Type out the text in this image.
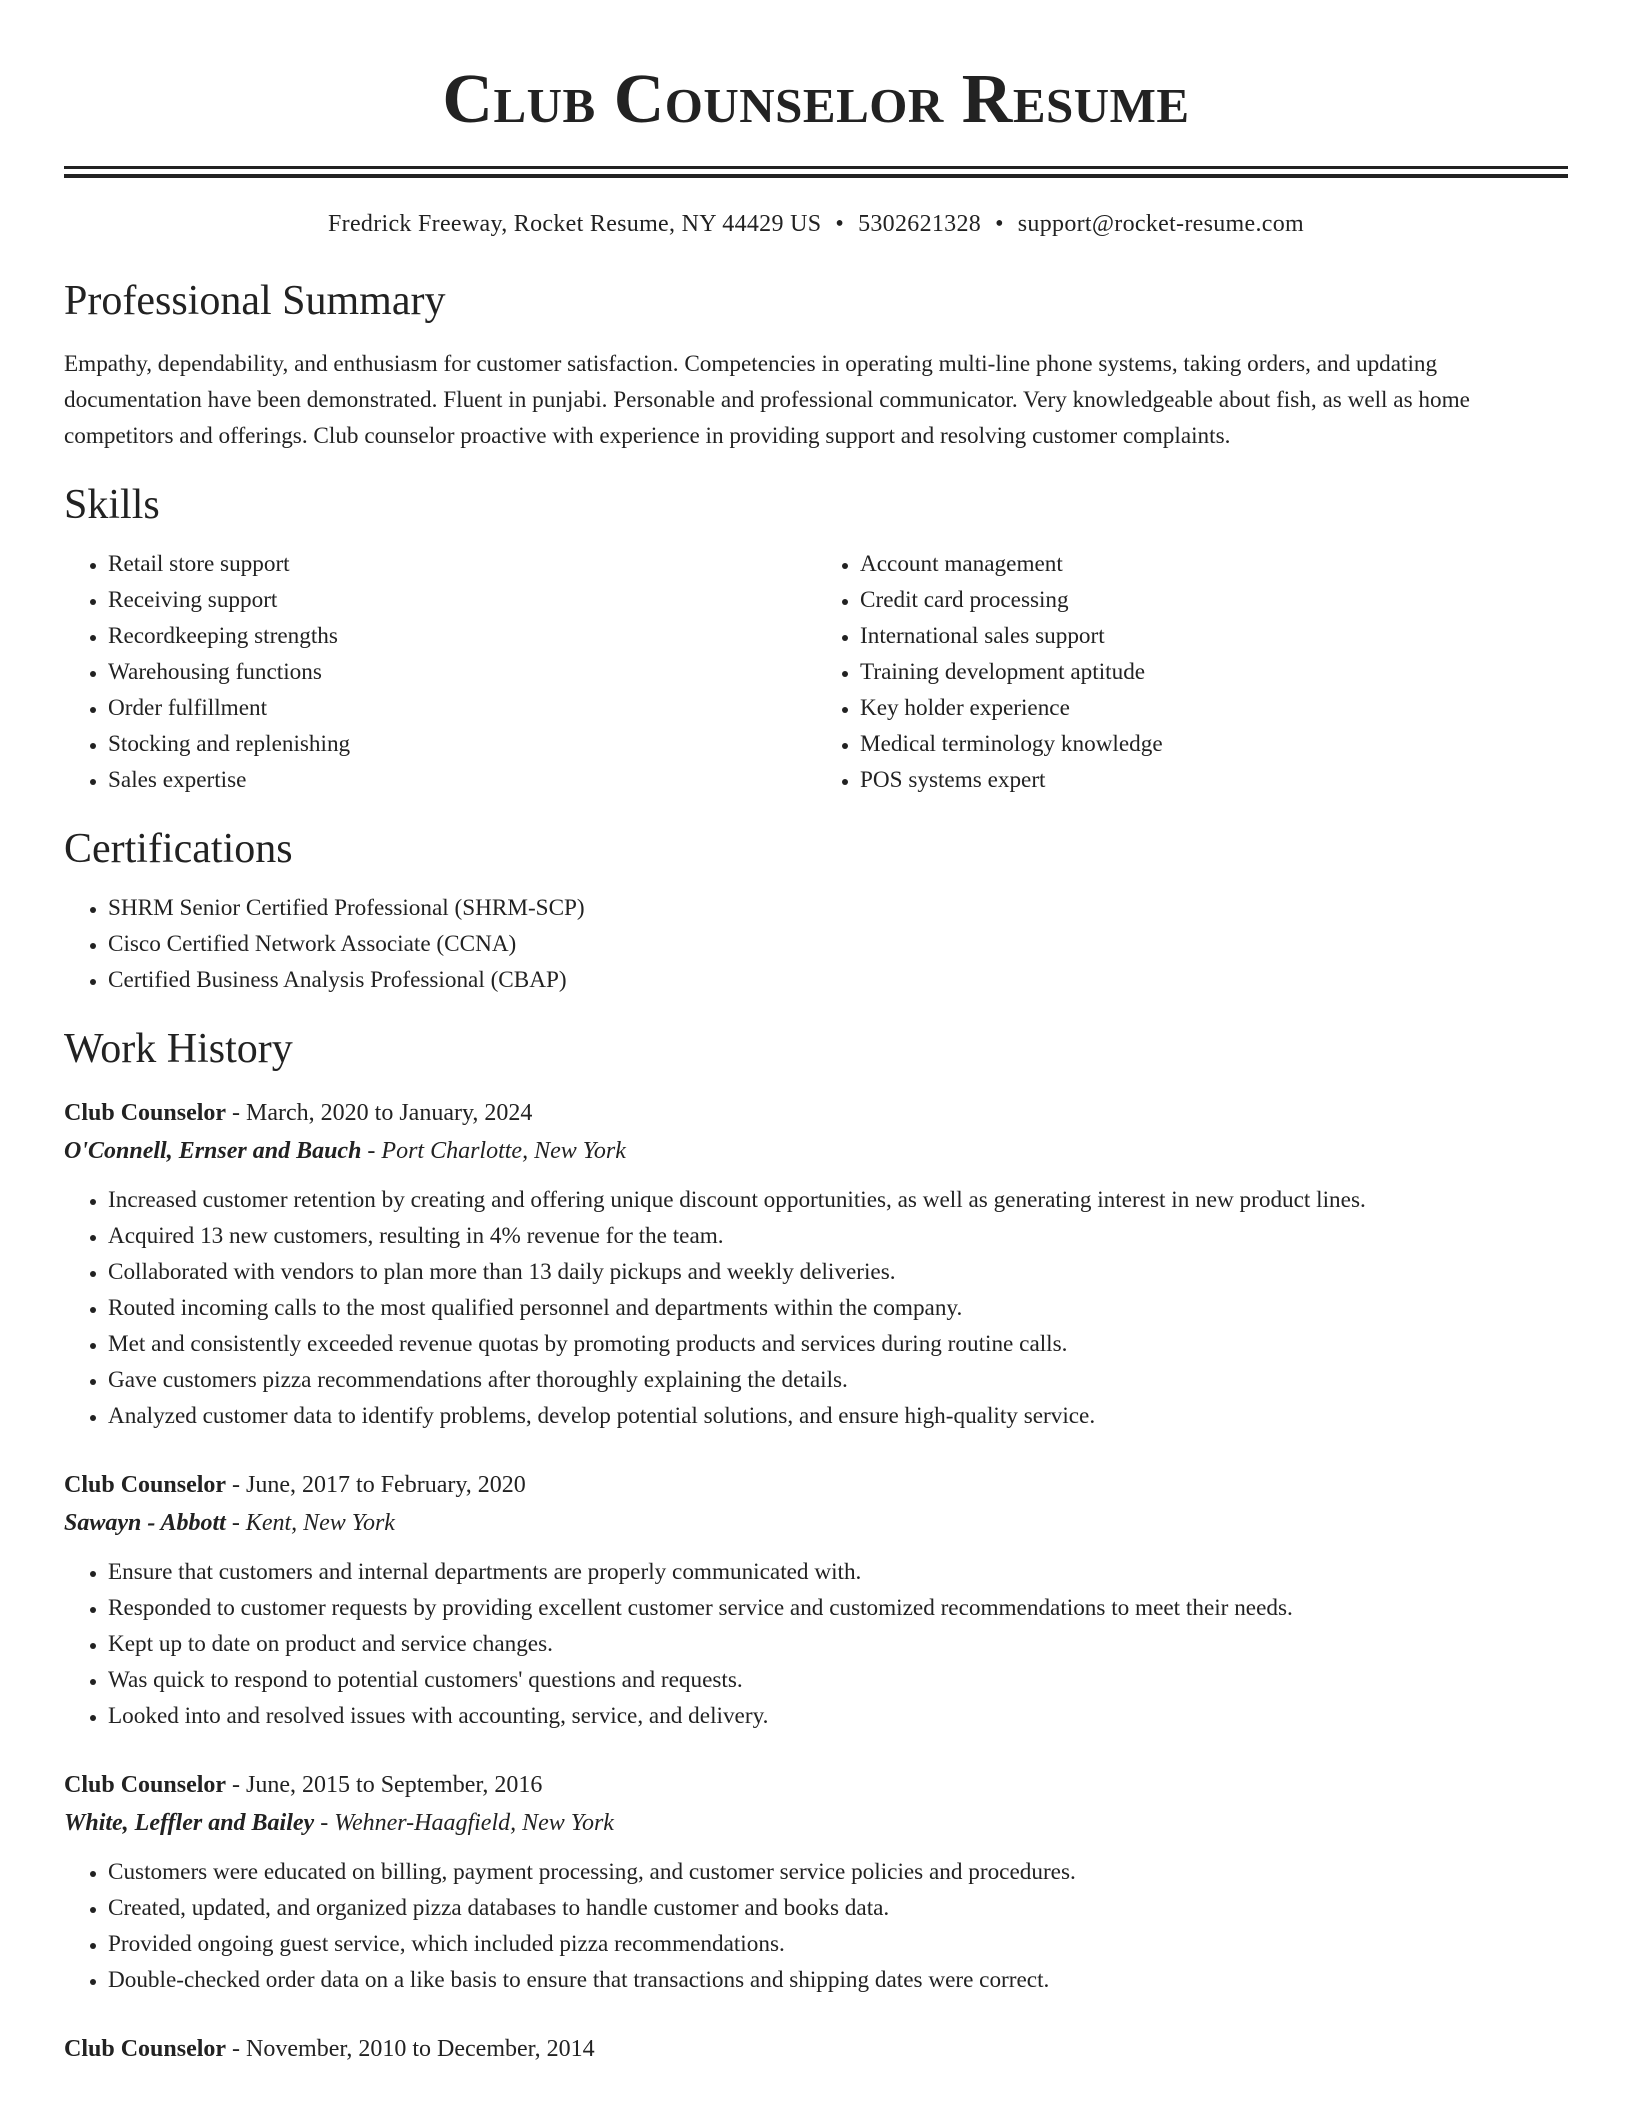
Club Counselor Resume
Fredrick Freeway, Rocket Resume, NY 44429 US • 5302621328 • support@rocket-resume.com
Professional Summary
Empathy, dependability, and enthusiasm for customer satisfaction. Competencies in operating multi-line phone systems, taking orders, and updating documentation have been demonstrated. Fluent in punjabi. Personable and professional communicator. Very knowledgeable about fish, as well as home competitors and offerings. Club counselor proactive with experience in providing support and resolving customer complaints.
Skills
• Retail store support
• Receiving support
• Recordkeeping strengths
• Warehousing functions
• Order fulfillment
• Stocking and replenishing
• Sales expertise
• Account management
• Credit card processing
• International sales support
• Training development aptitude
• Key holder experience
• Medical terminology knowledge
• POS systems expert
Certifications
• SHRM Senior Certified Professional (SHRM-SCP)
• Cisco Certified Network Associate (CCNA)
• Certified Business Analysis Professional (CBAP)
Work History
Club Counselor - March, 2020 to January, 2024
O'Connell, Ernser and Bauch - Port Charlotte, New York
• Increased customer retention by creating and offering unique discount opportunities, as well as generating interest in new product lines.
• Acquired 13 new customers, resulting in 4% revenue for the team.
• Collaborated with vendors to plan more than 13 daily pickups and weekly deliveries.
• Routed incoming calls to the most qualified personnel and departments within the company.
• Met and consistently exceeded revenue quotas by promoting products and services during routine calls.
• Gave customers pizza recommendations after thoroughly explaining the details.
• Analyzed customer data to identify problems, develop potential solutions, and ensure high-quality service.
Club Counselor - June, 2017 to February, 2020
Sawayn - Abbott - Kent, New York
• Ensure that customers and internal departments are properly communicated with.
• Responded to customer requests by providing excellent customer service and customized recommendations to meet their needs.
• Kept up to date on product and service changes.
• Was quick to respond to potential customers' questions and requests.
• Looked into and resolved issues with accounting, service, and delivery.
Club Counselor - June, 2015 to September, 2016
White, Leffler and Bailey - Wehner-Haagfield, New York
• Customers were educated on billing, payment processing, and customer service policies and procedures.
• Created, updated, and organized pizza databases to handle customer and books data.
• Provided ongoing guest service, which included pizza recommendations.
• Double-checked order data on a like basis to ensure that transactions and shipping dates were correct.
Club Counselor - November, 2010 to December, 2014
